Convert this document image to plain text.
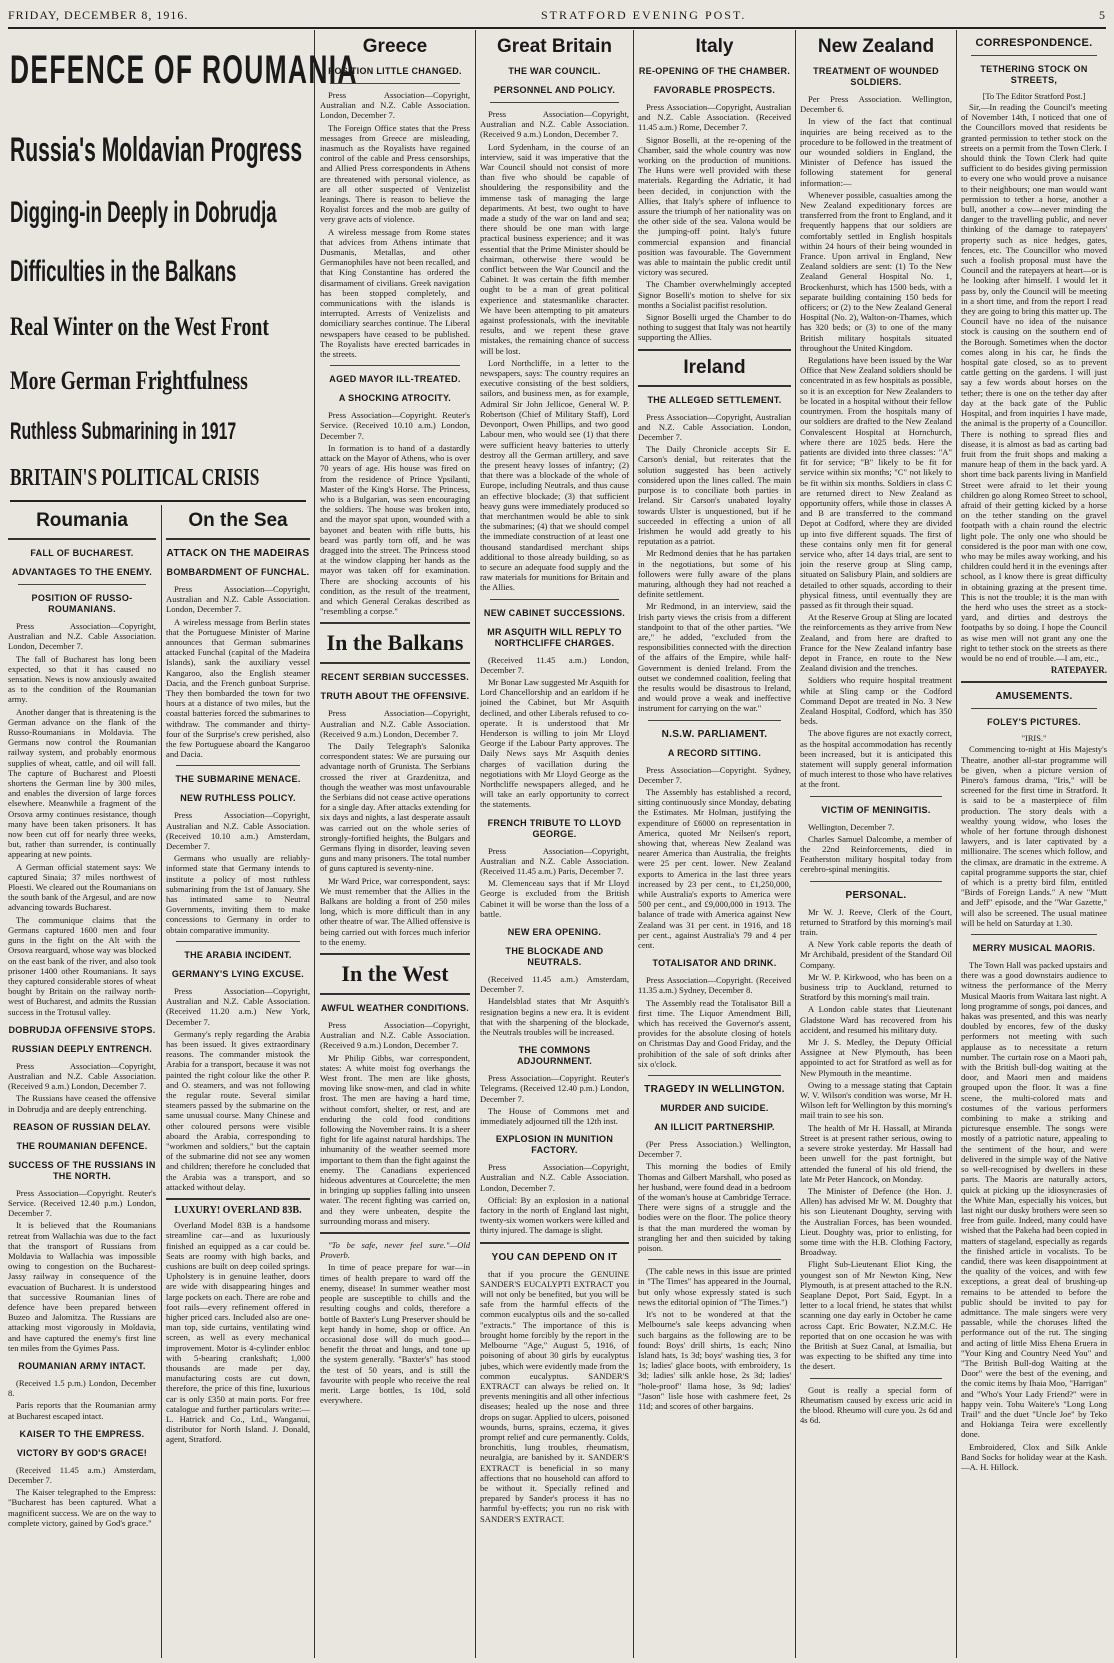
FRIDAY, DECEMBER 8, 1916.	STRATFORD EVENING POST.	5
DEFENCE OF ROUMANIA
Russia's Moldavian Progress
Digging-in Deeply in Dobrudja
Difficulties in the Balkans
Real Winter on the West Front
More German Frightfulness
Ruthless Submarining in 1917
BRITAIN'S POLITICAL CRISIS
Roumania
FALL OF BUCHAREST.
ADVANTAGES TO THE ENEMY.
POSITION OF RUSSO-ROUMANIANS.

Press Association—Copyright, Australian and N.Z. Cable Association. London, December 7.

The fall of Bucharest has long been expected, so that it has caused no sensation. News is now anxiously awaited as to the condition of the Roumanian army.

Another danger that is threatening is the German advance on the flank of the Russo-Roumanians in Moldavia. The Germans now control the Roumanian railway system, and probably enormous supplies of wheat, cattle, and oil will fall. The capture of Bucharest and Ploesti shortens the German line by 300 miles, and enables the diversion of large forces elsewhere. Meanwhile a fragment of the Orsova army continues resistance, though many have been taken prisoners. It has now been cut off for nearly three weeks, but, rather than surrender, is continually appearing at new points.

A German official statement says: We captured Sinaia; 37 miles northwest of Ploesti. We cleared out the Roumanians on the south bank of the Argesul, and are now advancing towards Bucharest.

The communique claims that the Germans captured 1600 men and four guns in the fight on the Alt with the Orsova rearguard, whose way was blocked on the east bank of the river, and also took prisoner 1400 other Roumanians. It says they captured considerable stores of wheat bought by Britain on the railway north-west of Bucharest, and admits the Russian success in the Trotusul valley.

DOBRUDJA OFFENSIVE STOPS.
RUSSIAN DEEPLY ENTRENCH.

Press Association—Copyright, Australian and N.Z. Cable Association. (Received 9 a.m.) London, December 7.

The Russians have ceased the offensive in Dobrudja and are deeply entrenching.

REASON OF RUSSIAN DELAY.
THE ROUMANIAN DEFENCE.
SUCCESS OF THE RUSSIANS IN THE NORTH.

Press Association—Copyright. Reuter's Service. (Received 12.40 p.m.) London, December 7.

It is believed that the Roumanians retreat from Wallachia was due to the fact that the transport of Russians from Moldavia to Wallachia was impossible owing to congestion on the Bucharest-Jassy railway in consequence of the evacuation of Bucharest. It is understood that successive Roumanian lines of defence have been prepared between Buzeo and Jalomitza. The Russians are attacking most vigorously in Moldavia, and have captured the enemy's first line ten miles from the Gyimes Pass.

ROUMANIAN ARMY INTACT.

(Received 1.5 p.m.) London, December 8.

Paris reports that the Roumanian army at Bucharest escaped intact.

KAISER TO THE EMPRESS.
VICTORY BY GOD'S GRACE!

(Received 11.45 a.m.) Amsterdam, December 7.

The Kaiser telegraphed to the Empress: "Bucharest has been captured. What a magnificent success. We are on the way to complete victory, gained by God's grace."

On the Sea
ATTACK ON THE MADEIRAS
BOMBARDMENT OF FUNCHAL.

Press Association—Copyright, Australian and N.Z. Cable Association. London, December 7.

A wireless message from Berlin states that the Portuguese Minister of Marine announces that German submarines attacked Funchal (capital of the Madeira Islands), sank the auxiliary vessel Kangaroo, also the English steamer Dacia, and the French gunboat Surprise. They then bombarded the town for two hours at a distance of two miles, but the coastal batteries forced the submarines to withdraw. The commander and thirty-four of the Surprise's crew perished, also the few Portuguese aboard the Kangaroo and Dacia.

THE SUBMARINE MENACE.
NEW RUTHLESS POLICY.

Press Association—Copyright, Australian and N.Z. Cable Association. (Received 10.10 a.m.) Amsterdam, December 7.

Germans who usually are reliably-informed state that Germany intends to institute a policy of most ruthless submarining from the 1st of January. She has intimated same to Neutral Governments, inviting them to make concessions to Germany in order to obtain comparative immunity.

THE ARABIA INCIDENT.
GERMANY'S LYING EXCUSE.

Press Association—Copyright, Australian and N.Z. Cable Association. (Received 11.20 a.m.) New York, December 7.

Germany's reply regarding the Arabia has been issued. It gives extraordinary reasons. The commander mistook the Arabia for a transport, because it was not painted the right colour like the other P. and O. steamers, and was not following the regular route. Several similar steamers passed by the submarine on the same unusual course. Many Chinese and other coloured persons were visible aboard the Arabia, corresponding to "workmen and soldiers," but the captain of the submarine did not see any women and children; therefore he concluded that the Arabia was a transport, and so attacked without delay.

LUXURY! OVERLAND 83B.

Overland Model 83B is a handsome streamline car—and as luxuriously finished an equipped as a car could be. Seats are roomy with high backs, and cushions are built on deep coiled springs. Upholstery is in genuine leather, doors are wide with disappearing hinges and large pockets on each. There are robe and foot rails—every refinement offered in higher priced cars. Included also are one-man top, side curtains, ventilating wind screen, as well as every mechanical improvement. Motor is 4-cylinder enbloc with 5-bearing crankshaft; 1,000 thousands are made per day, manufacturing costs are cut down, therefore, the price of this fine, luxurious car is only £350 at main ports. For free catalogue and further particulars write:—L. Hatrick and Co., Ltd., Wanganui, distributor for North Island. J. Donald, agent, Stratford.

Greece
POSITION LITTLE CHANGED.

Press Association—Copyright, Australian and N.Z. Cable Association. London, December 7.

The Foreign Office states that the Press messages from Greece are misleading, inasmuch as the Royalists have regained control of the cable and Press censorships, and Allied Press correspondents in Athens are threatened with personal violence, as are all other suspected of Venizelist leanings. There is reason to believe the Royalist forces and the mob are guilty of very grave acts of violence.

A wireless message from Rome states that advices from Athens intimate that Dusmanis, Metallas, and other Germanophiles have not been recalled, and that King Constantine has ordered the disarmament of civilians. Greek navigation has been stopped completely, and communications with the islands is interrupted. Arrests of Venizelists and domiciliary searches continue. The Liberal newspapers have ceased to be published. The Royalists have erected barricades in the streets.

AGED MAYOR ILL-TREATED.
A SHOCKING ATROCITY.

Press Association—Copyright. Reuter's Service. (Received 10.10 a.m.) London, December 7.

In formation is to hand of a dastardly attack on the Mayor of Athens, who is over 70 years of age. His house was fired on from the residence of Prince Ypsilanti, Master of the King's Horse. The Princess, who is a Bulgarian, was seen encouraging the soldiers. The house was broken into, and the mayor spat upon, wounded with a bayonet and beaten with rifle butts, his beard was partly torn off, and he was dragged into the street. The Princess stood at the window clapping her hands as the mayor was taken off for examination. There are shocking accounts of his condition, as the result of the treatment, and which General Cerakas described as "resembling a corpse."

In the Balkans
RECENT SERBIAN SUCCESSES.
TRUTH ABOUT THE OFFENSIVE.

Press Association—Copyright, Australian and N.Z. Cable Association. (Received 9 a.m.) London, December 7.

The Daily Telegraph's Salonika correspondent states: We are pursuing our advantage north of Grunista. The Serbians crossed the river at Grazdenitza, and though the weather was most unfavourable the Serbians did not cease active operations for a single day. After attacks extending for six days and nights, a last desperate assault was carried out on the whole series of strongly-fortified heights, the Bulgars and Germans flying in disorder, leaving seven guns and many prisoners. The total number of guns captured is seventy-nine.

Mr Ward Price, war correspondent, says: We must remember that the Allies in the Balkans are holding a front of 250 miles long, which is more difficult than in any other theatre of war. The Allied offensive is being carried out with forces much inferior to the enemy.

In the West
AWFUL WEATHER CONDITIONS.

Press Association—Copyright, Australian and N.Z. Cable Association. (Received 9 a.m.) London, December 7.

Mr Philip Gibbs, war correspondent, states: A white moist fog overhangs the West front. The men are like ghosts, moving like snow-men, and clad in white frost. The men are having a hard time, without comfort, shelter, or rest, and are enduring the cold food conditions following the November rains. It is a sheer fight for life against natural hardships. The inhumanity of the weather seemed more important to them than the fight against the enemy. The Canadians experienced hideous adventures at Courcelette; the men in bringing up supplies falling into unseen water. The recent fighting was carried on, and they were unbeaten, despite the surrounding morass and misery.

"To be safe, never feel sure."—Old Proverb.

In time of peace prepare for war—in times of health prepare to ward off the enemy, disease! In summer weather most people are susceptible to chills and the resulting coughs and colds, therefore a bottle of Baxter's Lung Preserver should be kept handy in home, shop or office. An occasional dose will do much good—benefit the throat and lungs, and tone up the system generally. "Baxter's" has stood the test of 50 years, and is still the favourite with people who receive the real merit. Large bottles, 1s 10d, sold everywhere.

Great Britain
THE WAR COUNCIL.
PERSONNEL AND POLICY.

Press Association—Copyright, Australian and N.Z. Cable Association. (Received 9 a.m.) London, December 7.

Lord Sydenham, in the course of an interview, said it was imperative that the War Council should not consist of more than five who should be capable of shouldering the responsibility and the immense task of managing the large departments. At best, two ought to have made a study of the war on land and sea; there should be one man with large practical business experience; and it was essential that the Prime Minister should be chairman, otherwise there would be conflict between the War Council and the Cabinet. It was certain the fifth member ought to be a man of great political experience and statesmanlike character. We have been attempting to pit amateurs against professionals, with the inevitable results, and we repent these grave mistakes, the remaining chance of success will be lost.

Lord Northcliffe, in a letter to the newspapers, says: The country requires an executive consisting of the best soldiers, sailors, and business men, as for example, Admiral Sir John Jellicoe, General W. P. Robertson (Chief of Military Staff), Lord Devonport, Owen Phillips, and two good Labour men, who would see (1) that there were sufficient heavy batteries to utterly destroy all the German artillery, and save the present heavy losses of infantry; (2) that there was a blockade of the whole of Europe, including Neutrals, and thus cause an effective blockade; (3) that sufficient heavy guns were immediately produced so that merchantmen would be able to sink the submarines; (4) that we should compel the immediate construction of at least one thousand standardised merchant ships additional to those already building, so as to secure an adequate food supply and the raw materials for munitions for Britain and the Allies.

NEW CABINET SUCCESSIONS.
MR ASQUITH WILL REPLY TO NORTHCLIFFE CHARGES.

(Received 11.45 a.m.) London, December 7.

Mr Bonar Law suggested Mr Asquith for Lord Chancellorship and an earldom if he joined the Cabinet, but Mr Asquith declined, and other Liberals refused to co-operate. It is understood that Mr Henderson is willing to join Mr Lloyd George if the Labour Party approves. The Daily News says Mr Asquith denies charges of vacillation during the negotiations with Mr Lloyd George as the Northcliffe newspapers alleged, and he will take an early opportunity to correct the statements.

FRENCH TRIBUTE TO LLOYD GEORGE.

Press Association—Copyright, Australian and N.Z. Cable Association. (Received 11.45 a.m.) Paris, December 7.

M. Clemenceau says that if Mr Lloyd George is excluded from the British Cabinet it will be worse than the loss of a battle.

NEW ERA OPENING.
THE BLOCKADE AND NEUTRALS.

(Received 11.45 a.m.) Amsterdam, December 7.

Handelsblad states that Mr Asquith's resignation begins a new era. It is evident that with the sharpening of the blockade, the Neutrals troubles will be increased.

THE COMMONS ADJOURNMENT.

Press Association—Copyright. Reuter's Telegrams. (Received 12.40 p.m.) London, December 7.

The House of Commons met and immediately adjourned till the 12th inst.

EXPLOSION IN MUNITION FACTORY.

Press Association—Copyright, Australian and N.Z. Cable Association. London, December 7.

Official: By an explosion in a national factory in the north of England last night, twenty-six women workers were killed and thirty injured. The damage is slight.

YOU CAN DEPEND ON IT

that if you procure the GENUINE SANDER'S EUCALYPTI EXTRACT you will not only be benefited, but you will be safe from the harmful effects of the common eucalyptus oils and the so-called "extracts." The importance of this is brought home forcibly by the report in the Melbourne "Age," August 5, 1916, of poisoning of about 30 girls by eucalyptus jubes, which were evidently made from the common eucalyptus. SANDER'S EXTRACT can always be relied on. It prevents meningitis and all other infectious diseases; healed up the nose and three drops on sugar. Applied to ulcers, poisoned wounds, burns, sprains, eczema, it gives prompt relief and cure permanently. Colds, bronchitis, lung troubles, rheumatism, neuralgia, are banished by it. SANDER'S EXTRACT is beneficial in so many affections that no household can afford to be without it. Specially refined and prepared by Sander's process it has no harmful by-effects; you run no risk with SANDER'S EXTRACT.

Italy
RE-OPENING OF THE CHAMBER.
FAVORABLE PROSPECTS.

Press Association—Copyright, Australian and N.Z. Cable Association. (Received 11.45 a.m.) Rome, December 7.

Signor Boselli, at the re-opening of the Chamber, said the whole country was now working on the production of munitions. The Huns were well provided with these materials. Regarding the Adriatic, it had been decided, in conjunction with the Allies, that Italy's sphere of influence to assure the triumph of her nationality was on the other side of the sea. Valona would be the jumping-off point. Italy's future commercial expansion and financial position was favourable. The Government was able to maintain the public credit until victory was secured.

The Chamber overwhelmingly accepted Signor Boselli's motion to shelve for six months a Socialist pacifist resolution.

Signor Boselli urged the Chamber to do nothing to suggest that Italy was not heartily supporting the Allies.

Ireland
THE ALLEGED SETTLEMENT.

Press Association—Copyright, Australian and N.Z. Cable Association. London, December 7.

The Daily Chronicle accepts Sir E. Carson's denial, but reiterates that the solution suggested has been actively considered upon the lines called. The main purpose is to conciliate both parties in Ireland. Sir Carson's unabated loyalty towards Ulster is unquestioned, but if he succeeded in effecting a union of all Irishmen he would add greatly to his reputation as a patriot.

Mr Redmond denies that he has partaken in the negotiations, but some of his followers were fully aware of the plans maturing, although they had not reached a definite settlement.

Mr Redmond, in an interview, said the Irish party views the crisis from a different standpoint to that of the other parties. "We are," he added, "excluded from the responsibilities connected with the direction of the affairs of the Empire, while half-Government is denied Ireland. From the outset we condemned coalition, feeling that the results would be disastrous to Ireland, and would prove a weak and ineffective instrument for carrying on the war."

N.S.W. PARLIAMENT.
A RECORD SITTING.

Press Association—Copyright. Sydney, December 7.

The Assembly has established a record, sitting continuously since Monday, debating the Estimates. Mr Holman, justifying the expenditure of £6000 on representation in America, quoted Mr Neilsen's report, showing that, whereas New Zealand was nearer America than Australia, the freights were 25 per cent. lower. New Zealand exports to America in the last three years increased by 23 per cent., to £1,250,000, while Australia's exports to America were 500 per cent., and £9,000,000 in 1913. The balance of trade with America against New Zealand was 31 per cent. in 1916, and 18 per cent., against Australia's 79 and 4 per cent.

TOTALISATOR AND DRINK.

Press Association—Copyright. (Received 11.35 a.m.) Sydney, December 8.

The Assembly read the Totalisator Bill a first time. The Liquor Amendment Bill, which has received the Governor's assent, provides for the absolute closing of hotels on Christmas Day and Good Friday, and the prohibition of the sale of soft drinks after six o'clock.

TRAGEDY IN WELLINGTON.
MURDER AND SUICIDE.
AN ILLICIT PARTNERSHIP.

(Per Press Association.) Wellington, December 7.

This morning the bodies of Emily Thomas and Gilbert Marshall, who posed as her husband, were found dead in a bedroom of the woman's house at Cambridge Terrace. There were signs of a struggle and the bodies were on the floor. The police theory is that the man murdered the woman by strangling her and then suicided by taking poison.

(The cable news in this issue are printed in "The Times" has appeared in the Journal, but only whose expressly stated is such news the editorial opinion of "The Times.")

It's not to be wondered at that the Melbourne's sale keeps advancing when such bargains as the following are to be found: Boys' drill shirts, 1s each; Nino Island hats, 1s 3d; boys' washing ties, 3 for 1s; ladies' glace boots, with embroidery, 1s 3d; ladies' silk ankle hose, 2s 3d; ladies' "hole-proof" llama hose, 3s 9d; ladies' "Jason" lisle hose with cashmere feet, 2s 11d; and scores of other bargains.

New Zealand
TREATMENT OF WOUNDED SOLDIERS.

Per Press Association. Wellington, December 6.

In view of the fact that continual inquiries are being received as to the procedure to be followed in the treatment of our wounded soldiers in England, the Minister of Defence has issued the following statement for general information:—

Whenever possible, casualties among the New Zealand expeditionary forces are transferred from the front to England, and it frequently happens that our soldiers are comfortably settled in English hospitals within 24 hours of their being wounded in France. Upon arrival in England, New Zealand soldiers are sent: (1) To the New Zealand General Hospital No. 1, Brockenhurst, which has 1500 beds, with a separate building containing 150 beds for officers; or (2) to the New Zealand General Hospital (No. 2), Walton-on-Thames, which has 320 beds; or (3) to one of the many British military hospitals situated throughout the United Kingdom.

Regulations have been issued by the War Office that New Zealand soldiers should be concentrated in as few hospitals as possible, so it is an exception for New Zealanders to be located in a hospital without their fellow countrymen. From the hospitals many of our soldiers are drafted to the New Zealand Convalescent Hospital at Hornchurch, where there are 1025 beds. Here the patients are divided into three classes: "A" fit for service; "B" likely to be fit for service within six months; "C" not likely to be fit within six months. Soldiers in class C are returned direct to New Zealand as opportunity offers, while those in classes A and B are transferred to the command Depot at Codford, where they are divided up into five different squads. The first of these contains only men fit for general service who, after 14 days trial, are sent to join the reserve group at Sling camp, situated on Salisbury Plain, and soldiers are detailed to other squads, according to their physical fitness, until eventually they are passed as fit through their squad.

At the Reserve Group at Sling are located the reinforcements as they arrive from New Zealand, and from here are drafted to France for the New Zealand infantry base depot in France, en route to the New Zealand division and the trenches.

Soldiers who require hospital treatment while at Sling camp or the Codford Command Depot are treated in No. 3 New Zealand Hospital, Codford, which has 350 beds.

The above figures are not exactly correct, as the hospital accommodation has recently been increased, but it is anticipated this statement will supply general information of much interest to those who have relatives at the front.

VICTIM OF MENINGITIS.

Wellington, December 7.

Charles Samuel Dalcombe, a member of the 22nd Reinforcements, died in Featherston military hospital today from cerebro-spinal meningitis.

PERSONAL.

Mr W. J. Reeve, Clerk of the Court, returned to Stratford by this morning's mail train.

A New York cable reports the death of Mr Archibald, president of the Standard Oil Company.

Mr W. P. Kirkwood, who has been on a business trip to Auckland, returned to Stratford by this morning's mail train.

A London cable states that Lieutenant Gladstone Ward has recovered from his accident, and resumed his military duty.

Mr J. S. Medley, the Deputy Official Assignee at New Plymouth, has been appointed to act for Stratford as well as for New Plymouth in the meantime.

Owing to a message stating that Captain W. V. Wilson's condition was worse, Mr H. Wilson left for Wellington by this morning's mail train to see his son.

The health of Mr H. Hassall, at Miranda Street is at present rather serious, owing to a severe stroke yesterday. Mr Hassall had been unwell for the past fortnight, but attended the funeral of his old friend, the late Mr Peter Hancock, on Monday.

The Minister of Defence (the Hon. J. Allen) has advised Mr W. M. Doughty that his son Lieutenant Doughty, serving with the Australian Forces, has been wounded. Lieut. Doughty was, prior to enlisting, for some time with the H.B. Clothing Factory, Broadway.

Flight Sub-Lieutenant Eliot King, the youngest son of Mr Newton King, New Plymouth, is at present attached to the R.N. Seaplane Depot, Port Said, Egypt. In a letter to a local friend, he states that whilst scanning one day early in October he came across Capt. Eric Bowater, N.Z.M.C. He reported that on one occasion he was with the British at Suez Canal, at Ismailia, but was expecting to be shifted any time into the desert.

Gout is really a special form of Rheumatism caused by excess uric acid in the blood. Rheumo will cure you. 2s 6d and 4s 6d.

CORRESPONDENCE.
TETHERING STOCK ON STREETS,
[To The Editor Stratford Post.]

Sir,—In reading the Council's meeting of November 14th, I noticed that one of the Councillors moved that residents be granted permission to tether stock on the streets on a permit from the Town Clerk. I should think the Town Clerk had quite sufficient to do besides giving permission to every one who would prove a nuisance to their neighbours; one man would want permission to tether a horse, another a bull, another a cow—never minding the danger to the travelling public, and never thinking of the damage to ratepayers' property such as nice hedges, gates, fences, etc. The Councillor who moved such a foolish proposal must have the Council and the ratepayers at heart—or is he looking after himself. I would let it pass by, only the Council will be meeting in a short time, and from the report I read they are going to bring this matter up. The Council have no idea of the nuisance stock is causing on the southern end of the Borough. Sometimes when the doctor comes along in his car, he finds the hospital gate closed, so as to prevent cattle getting on the gardens. I will just say a few words about horses on the tether; there is one on the tether day after day at the back gate of the Public Hospital, and from inquiries I have made, the animal is the property of a Councillor. There is nothing to spread flies and disease, it is almost as bad as carting bad fruit from the fruit shops and making a manure heap of them in the back yard. A short time back parents living in Manfield Street were afraid to let their young children go along Romeo Street to school, afraid of their getting kicked by a horse on the tether standing on the gravel footpath with a chain round the electric light pole. The only one who should be considered is the poor man with one cow, who may be miles away working, and his children could herd it in the evenings after school, as I know there is great difficulty in obtaining grazing at the present time. This is not the trouble; it is the man with the herd who uses the street as a stock-yard, and dirties and destroys the footpaths by so doing. I hope the Council as wise men will not grant any one the right to tether stock on the streets as there would be no end of trouble.—I am, etc.,

RATEPAYER.
AMUSEMENTS.
FOLEY'S PICTURES.
"IRIS."

Commencing to-night at His Majesty's Theatre, another all-star programme will be given, when a picture version of Pinero's famous drama, "Iris," will be screened for the first time in Stratford. It is said to be a masterpiece of film production. The story deals with a wealthy young widow, who loses the whole of her fortune through dishonest lawyers, and is later captivated by a millionaire. The scenes which follow, and the climax, are dramatic in the extreme. A capital programme supports the star, chief of which is a pretty bird film, entitled "Birds of Foreign Lands." A new "Mutt and Jeff" episode, and the "War Gazette," will also be screened. The usual matinee will be held on Saturday at 1.30.

MERRY MUSICAL MAORIS.

The Town Hall was packed upstairs and there was a good downstairs audience to witness the performance of the Merry Musical Maoris from Waitara last night. A long programme of songs, poi dances, and hakas was presented, and this was nearly doubled by encores, few of the dusky performers not meeting with such applause as to necessitate a return number. The curtain rose on a Maori pah, with the British bull-dog waiting at the door, and Maori men and maidens grouped upon the floor. It was a fine scene, the multi-colored mats and costumes of the various performers combining to make a striking and picturesque ensemble. The songs were mostly of a patriotic nature, appealing to the sentiment of the hour, and were delivered in the simple way of the Native so well-recognised by dwellers in these parts. The Maoris are naturally actors, quick at picking up the idiosyncrasies of the White Man, especially his voices, but last night our dusky brothers were seen so free from guile. Indeed, many could have wished that the Pakeha had been copied in matters of stageland, especially as regards the finished article in vocalists. To be candid, there was keen disappointment at the quality of the voices, and with few exceptions, a great deal of brushing-up remains to be attended to before the public should be invited to pay for admittance. The male singers were very passable, while the choruses lifted the performance out of the rut. The singing and acting of little Miss Ehena Eruera in "Your King and Country Need You" and "The British Bull-dog Waiting at the Door" were the best of the evening, and the comic items by Ihaia Moo, "Harrigan" and "Who's Your Lady Friend?" were in happy vein. Tohu Waitere's "Long Long Trail" and the duet "Uncle Joe" by Teko and Hokianga Teira were excellently done.

Embroidered, Clox and Silk Ankle Band Socks for holiday wear at the Kash.—A. H. Hillock.
